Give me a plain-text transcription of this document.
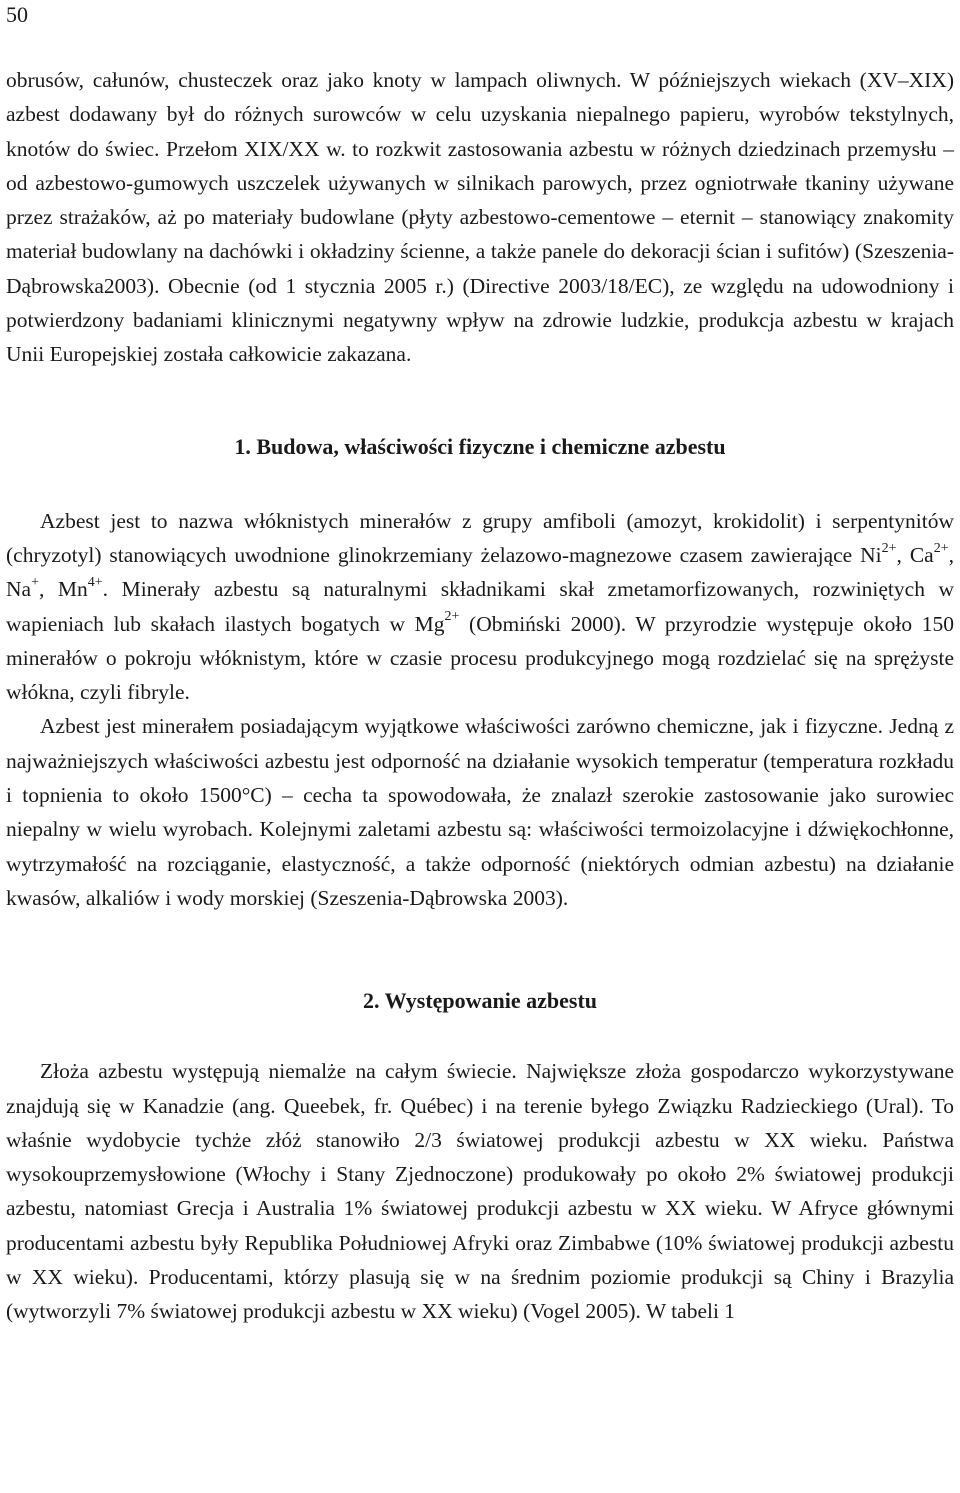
50

obrusów, całunów, chusteczek oraz jako knoty w lampach oliwnych. W późniejszych wiekach (XV–XIX) azbest dodawany był do różnych surowców w celu uzyskania niepalnego papieru, wyrobów tekstylnych, knotów do świec. Przełom XIX/XX w. to rozkwit zastosowania azbestu w różnych dziedzinach przemysłu – od azbestowo-gumowych uszczelek używanych w silnikach parowych, przez ogniotrwałe tkaniny używane przez strażaków, aż po materiały budowlane (płyty azbestowo-cementowe – eternit – stanowiący znakomity materiał budowlany na dachówki i okładziny ścienne, a także panele do dekoracji ścian i sufitów) (Szeszenia-Dąbrowska2003). Obecnie (od 1 stycznia 2005 r.) (Directive 2003/18/EC), ze względu na udowodniony i potwierdzony badaniami klinicznymi negatywny wpływ na zdrowie ludzkie, produkcja azbestu w krajach Unii Europejskiej została całkowicie zakazana.

1. Budowa, właściwości fizyczne i chemiczne azbestu

Azbest jest to nazwa włóknistych minerałów z grupy amfiboli (amozyt, krokidolit) i serpentynitów (chryzotyl) stanowiących uwodnione glinokrzemiany żelazowo-magnezowe czasem zawierające $Ni^{2+}$, $Ca^{2+}$, Na+, $Mn^{4+}$. Minerały azbestu są naturalnymi składnikami skał zmetamorfizowanych, rozwiniętych w wapieniach lub skałach ilastych bogatych w $Mg^{2+}$ (Obmiński 2000). W przyrodzie występuje około 150 minerałów o pokroju włóknistym, które w czasie procesu produkcyjnego mogą rozdzielać się na sprężyste włókna, czyli fibryle.

Azbest jest minerałem posiadającym wyjątkowe właściwości zarówno chemiczne, jak i fizyczne. Jedną z najważniejszych właściwości azbestu jest odporność na działanie wysokich temperatur (temperatura rozkładu i topnienia to około 1500°C) – cecha ta spowodowała, że znalazł szerokie zastosowanie jako surowiec niepalny w wielu wyrobach. Kolejnymi zaletami azbestu są: właściwości termoizolacyjne i dźwiękochłonne, wytrzymałość na rozciąganie, elastyczność, a także odporność (niektórych odmian azbestu) na działanie kwasów, alkaliów i wody morskiej (Szeszenia-Dąbrowska 2003).

2. Występowanie azbestu

Złoża azbestu występują niemalże na całym świecie. Największe złoża gospodarczo wykorzystywane znajdują się w Kanadzie (ang. Queebek, fr. Québec) i na terenie byłego Związku Radzieckiego (Ural). To właśnie wydobycie tychże złóż stanowiło 2/3 światowej produkcji azbestu w XX wieku. Państwa wysokouprzemysłowione (Włochy i Stany Zjednoczone) produkowały po około 2% światowej produkcji azbestu, natomiast Grecja i Australia 1% światowej produkcji azbestu w XX wieku. W Afryce głównymi producentami azbestu były Republika Południowej Afryki oraz Zimbabwe (10% światowej produkcji azbestu w XX wieku). Producentami, którzy plasują się w na średnim poziomie produkcji są Chiny i Brazylia (wytworzyli 7% światowej produkcji azbestu w XX wieku) (Vogel 2005). W tabeli 1
